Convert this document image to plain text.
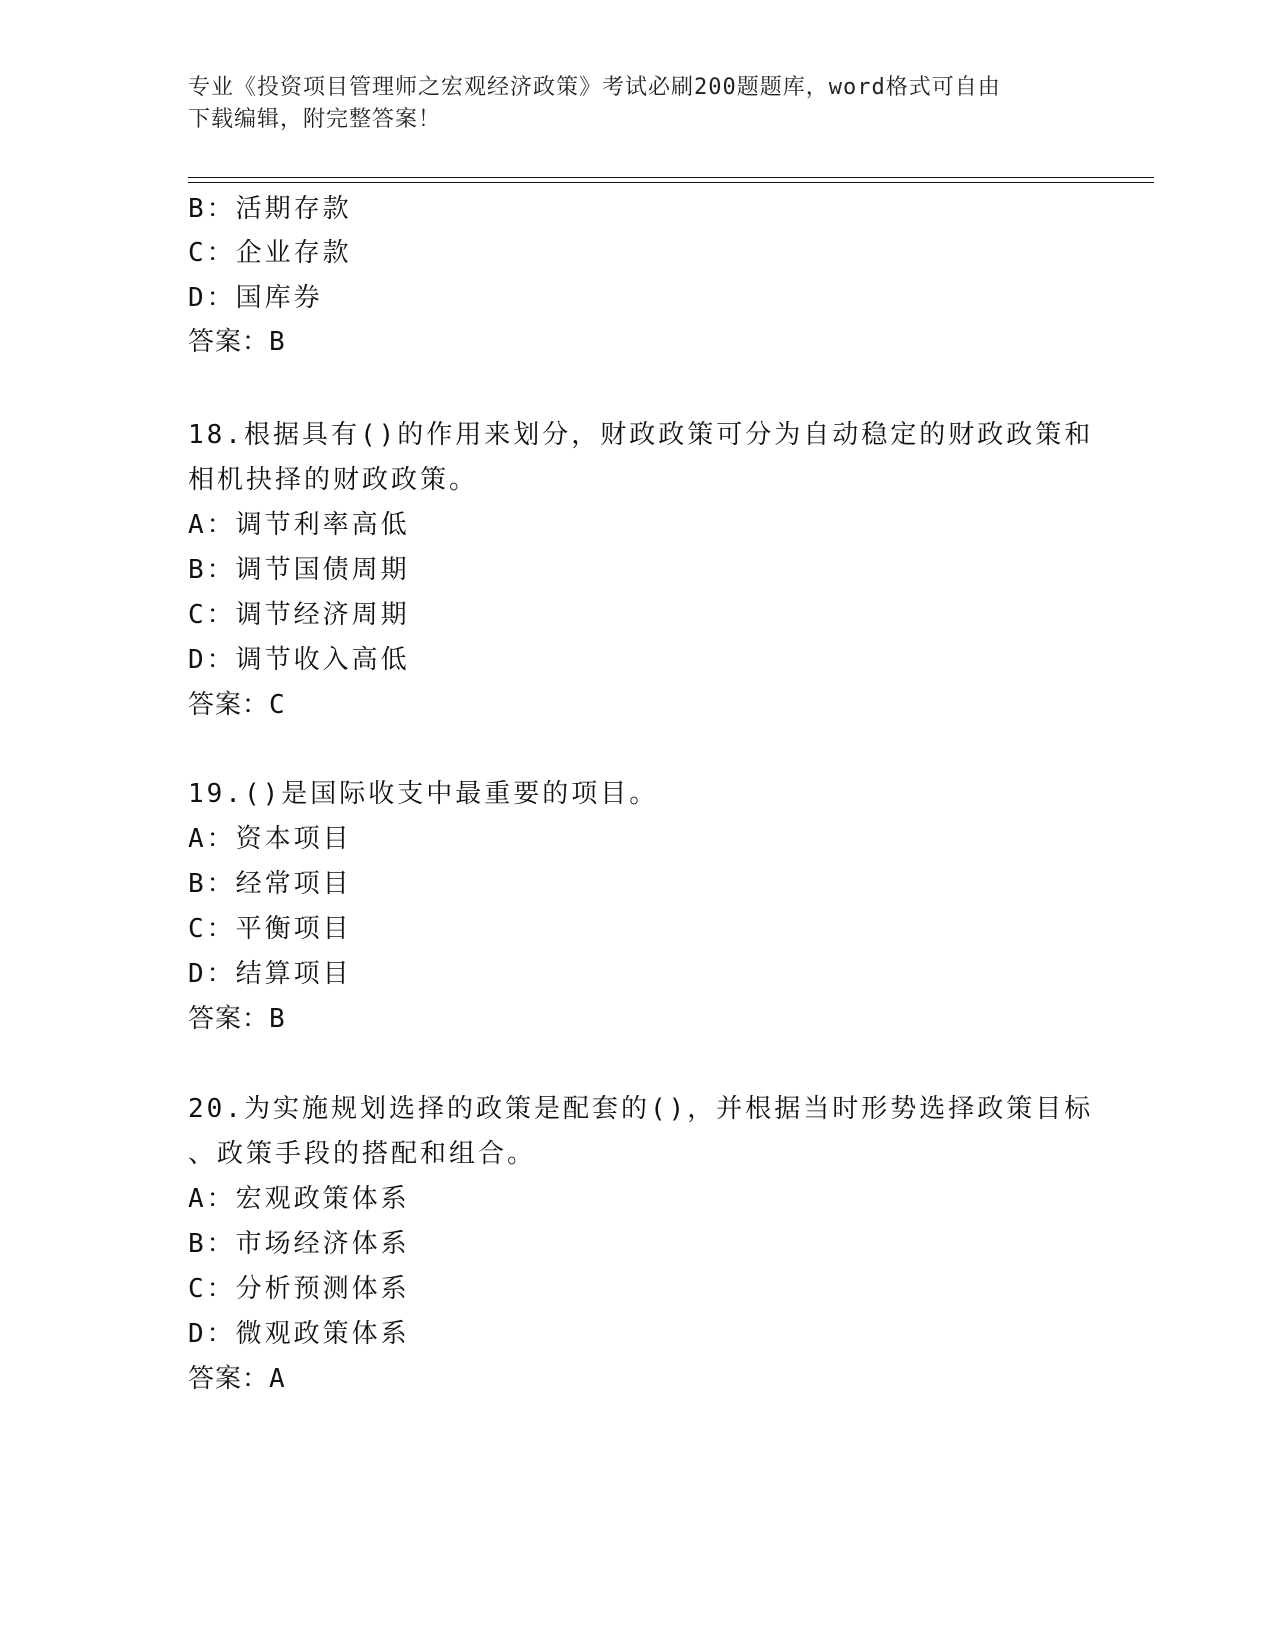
专业《投资项目管理师之宏观经济政策》考试必刷200题题库，word格式可自由
下载编辑，附完整答案！
B：活期存款
C：企业存款
D：国库券
答案：B
18.根据具有()的作用来划分，财政政策可分为自动稳定的财政政策和
相机抉择的财政政策。
A：调节利率高低
B：调节国债周期
C：调节经济周期
D：调节收入高低
答案：C
19.()是国际收支中最重要的项目。
A：资本项目
B：经常项目
C：平衡项目
D：结算项目
答案：B
20.为实施规划选择的政策是配套的()，并根据当时形势选择政策目标
、政策手段的搭配和组合。
A：宏观政策体系
B：市场经济体系
C：分析预测体系
D：微观政策体系
答案：A
